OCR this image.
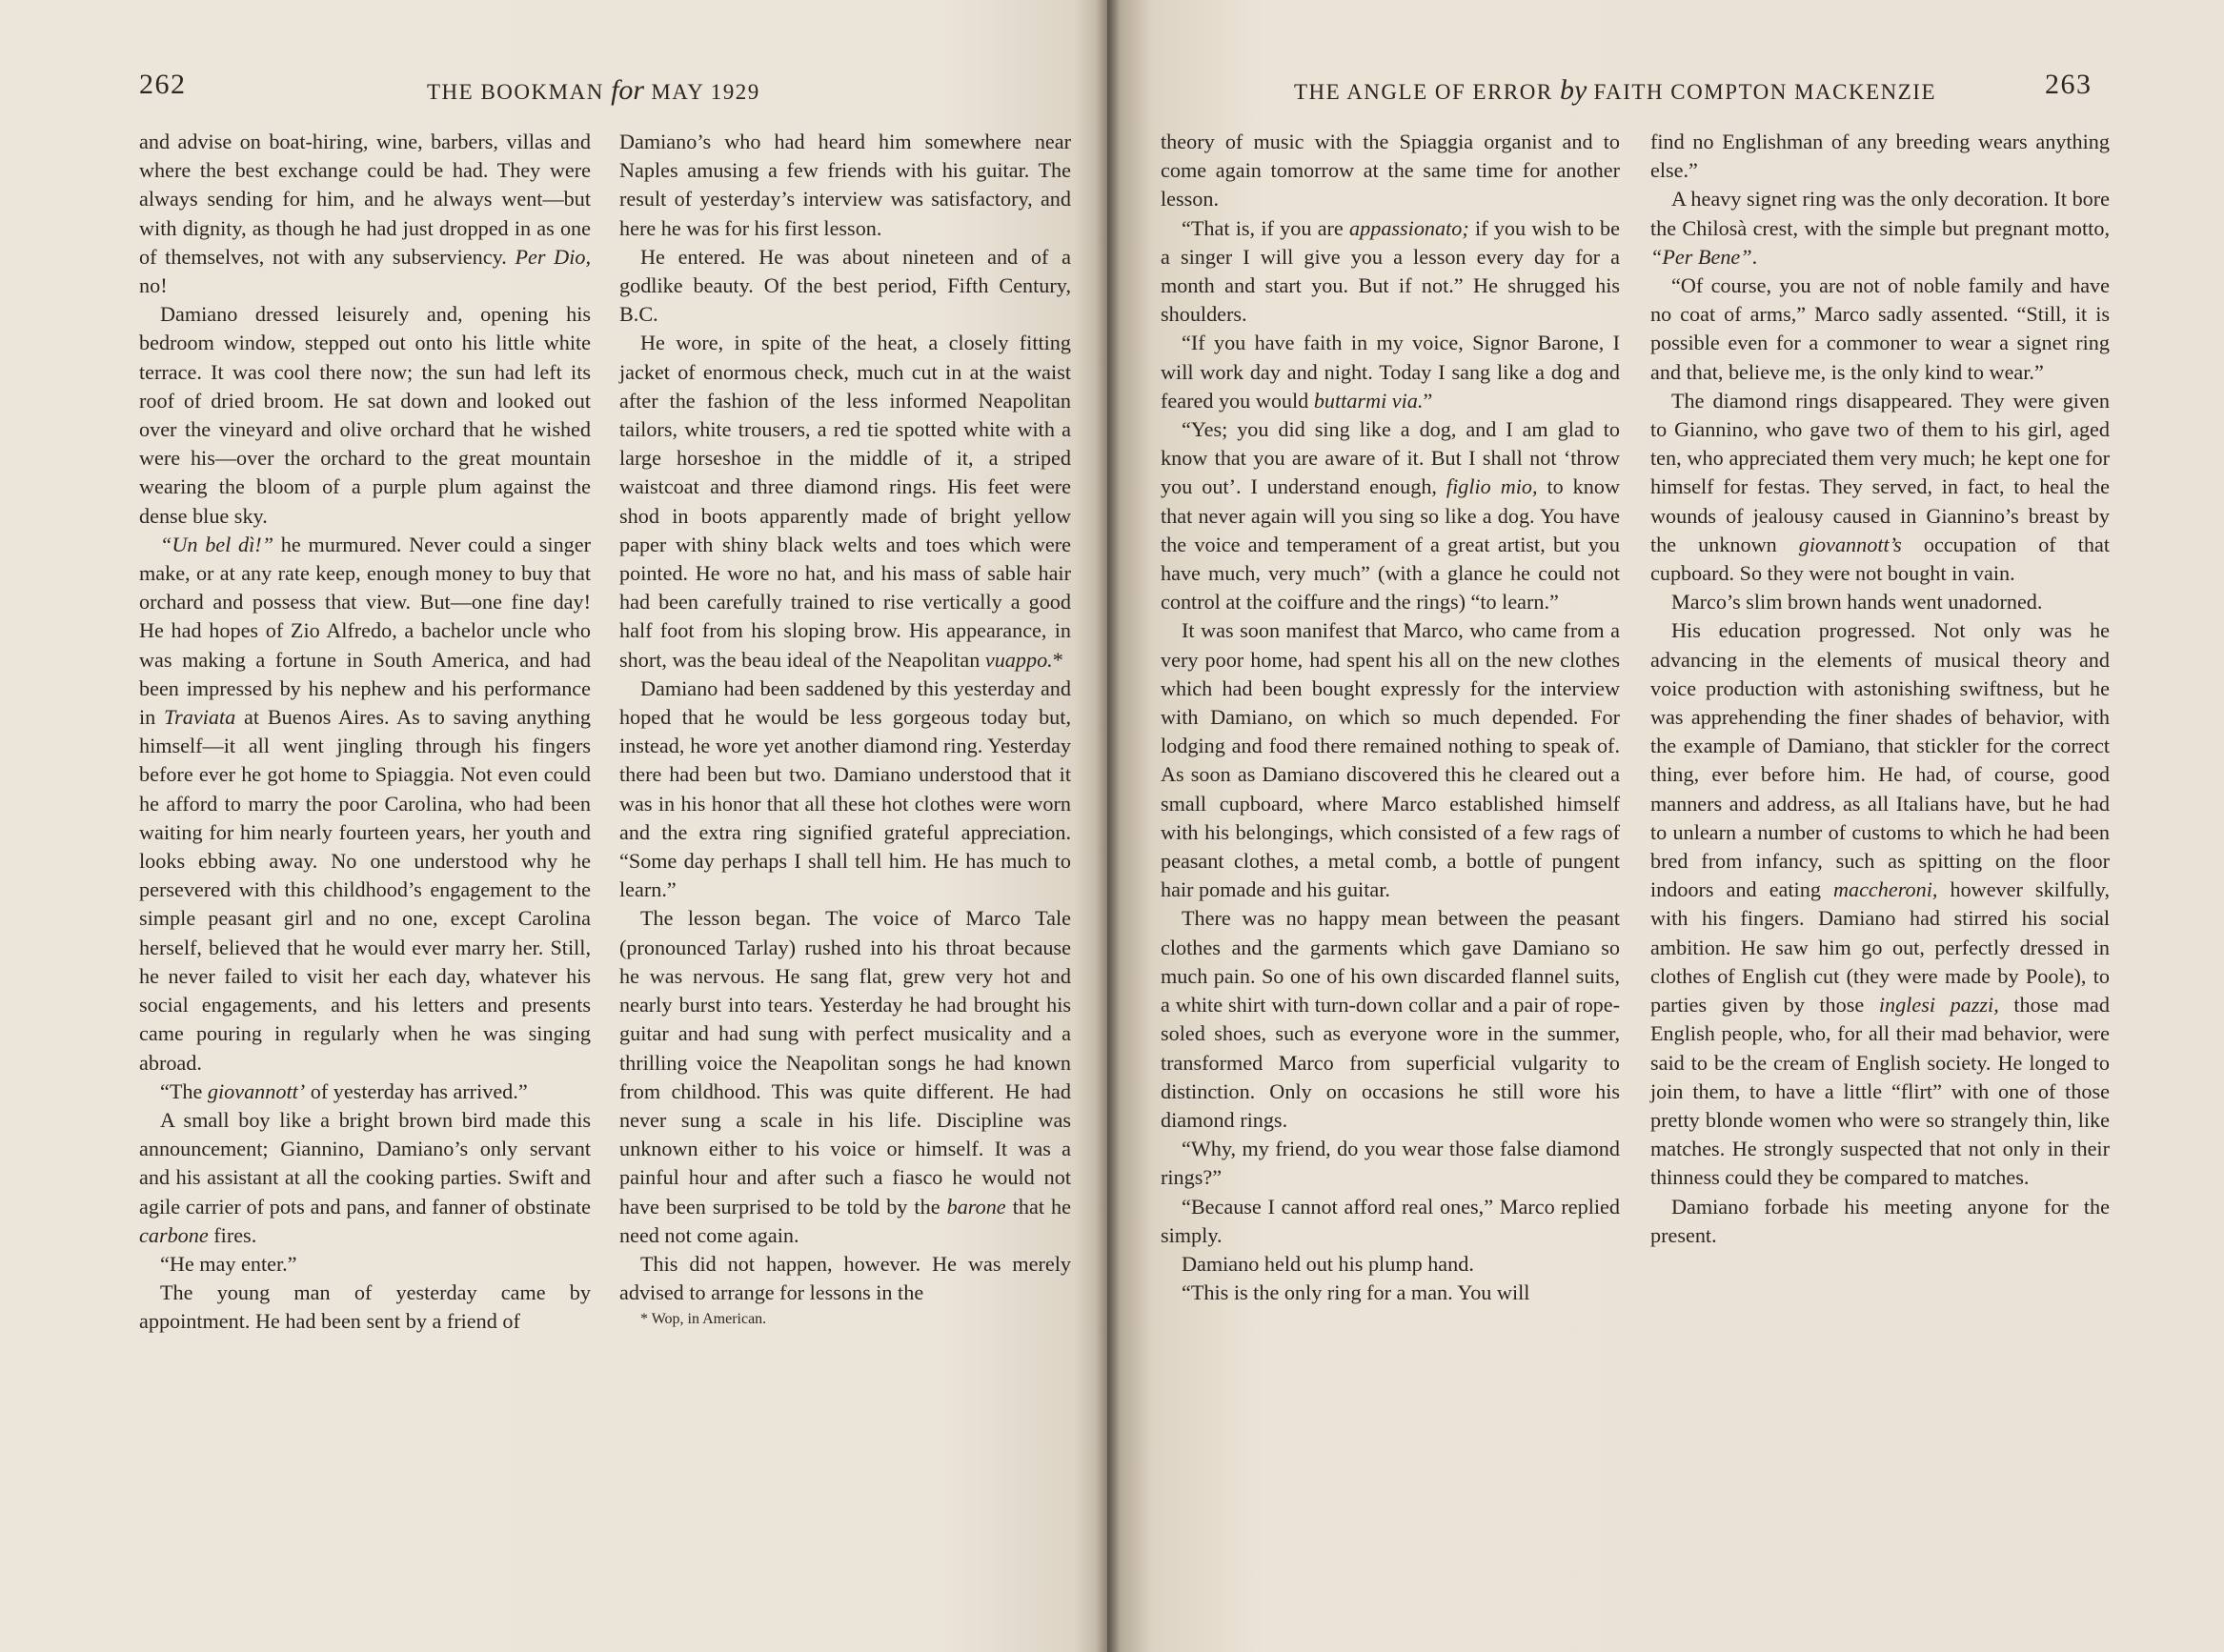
262	THE BOOKMAN for MAY 1929

and advise on boat-hiring, wine, barbers, villas and where the best exchange could be had. They were always sending for him, and he always went—but with dignity, as though he had just dropped in as one of themselves, not with any subserviency. Per Dio, no!

Damiano dressed leisurely and, opening his bedroom window, stepped out onto his little white terrace. It was cool there now; the sun had left its roof of dried broom. He sat down and looked out over the vineyard and olive orchard that he wished were his—over the orchard to the great mountain wearing the bloom of a purple plum against the dense blue sky.

“Un bel dì!” he murmured. Never could a singer make, or at any rate keep, enough money to buy that orchard and possess that view. But—one fine day! He had hopes of Zio Alfredo, a bachelor uncle who was making a fortune in South America, and had been impressed by his nephew and his performance in Traviata at Buenos Aires. As to saving anything himself—it all went jingling through his fingers before ever he got home to Spiaggia. Not even could he afford to marry the poor Carolina, who had been waiting for him nearly fourteen years, her youth and looks ebbing away. No one understood why he persevered with this childhood’s engagement to the simple peasant girl and no one, except Carolina herself, believed that he would ever marry her. Still, he never failed to visit her each day, whatever his social engagements, and his letters and presents came pouring in regularly when he was singing abroad.

“The giovannott’ of yesterday has arrived.”

A small boy like a bright brown bird made this announcement; Giannino, Damiano’s only servant and his assistant at all the cooking parties. Swift and agile carrier of pots and pans, and fanner of obstinate carbone fires.

“He may enter.”

The young man of yesterday came by appointment. He had been sent by a friend of

Damiano’s who had heard him somewhere near Naples amusing a few friends with his guitar. The result of yesterday’s interview was satisfactory, and here he was for his first lesson.

He entered. He was about nineteen and of a godlike beauty. Of the best period, Fifth Century, B.C.

He wore, in spite of the heat, a closely fitting jacket of enormous check, much cut in at the waist after the fashion of the less informed Neapolitan tailors, white trousers, a red tie spotted white with a large horseshoe in the middle of it, a striped waistcoat and three diamond rings. His feet were shod in boots apparently made of bright yellow paper with shiny black welts and toes which were pointed. He wore no hat, and his mass of sable hair had been carefully trained to rise vertically a good half foot from his sloping brow. His appearance, in short, was the beau ideal of the Neapolitan vuappo.*

Damiano had been saddened by this yesterday and hoped that he would be less gorgeous today but, instead, he wore yet another diamond ring. Yesterday there had been but two. Damiano understood that it was in his honor that all these hot clothes were worn and the extra ring signified grateful appreciation. “Some day perhaps I shall tell him. He has much to learn.”

The lesson began. The voice of Marco Tale (pronounced Tarlay) rushed into his throat because he was nervous. He sang flat, grew very hot and nearly burst into tears. Yesterday he had brought his guitar and had sung with perfect musicality and a thrilling voice the Neapolitan songs he had known from childhood. This was quite different. He had never sung a scale in his life. Discipline was unknown either to his voice or himself. It was a painful hour and after such a fiasco he would not have been surprised to be told by the barone that he need not come again.

This did not happen, however. He was merely advised to arrange for lessons in the

* Wop, in American.

THE ANGLE OF ERROR by FAITH COMPTON MACKENZIE	263

theory of music with the Spiaggia organist and to come again tomorrow at the same time for another lesson.

“That is, if you are appassionato; if you wish to be a singer I will give you a lesson every day for a month and start you. But if not.” He shrugged his shoulders.

“If you have faith in my voice, Signor Barone, I will work day and night. Today I sang like a dog and feared you would buttarmi via.”

“Yes; you did sing like a dog, and I am glad to know that you are aware of it. But I shall not ‘throw you out’. I understand enough, figlio mio, to know that never again will you sing so like a dog. You have the voice and temperament of a great artist, but you have much, very much” (with a glance he could not control at the coiffure and the rings) “to learn.”

It was soon manifest that Marco, who came from a very poor home, had spent his all on the new clothes which had been bought expressly for the interview with Damiano, on which so much depended. For lodging and food there remained nothing to speak of. As soon as Damiano discovered this he cleared out a small cupboard, where Marco established himself with his belongings, which consisted of a few rags of peasant clothes, a metal comb, a bottle of pungent hair pomade and his guitar.

There was no happy mean between the peasant clothes and the garments which gave Damiano so much pain. So one of his own discarded flannel suits, a white shirt with turn-down collar and a pair of rope-soled shoes, such as everyone wore in the summer, transformed Marco from superficial vulgarity to distinction. Only on occasions he still wore his diamond rings.

“Why, my friend, do you wear those false diamond rings?”

“Because I cannot afford real ones,” Marco replied simply.

Damiano held out his plump hand.

“This is the only ring for a man. You will

find no Englishman of any breeding wears anything else.”

A heavy signet ring was the only decoration. It bore the Chilosà crest, with the simple but pregnant motto, “Per Bene”.

“Of course, you are not of noble family and have no coat of arms,” Marco sadly assented. “Still, it is possible even for a commoner to wear a signet ring and that, believe me, is the only kind to wear.”

The diamond rings disappeared. They were given to Giannino, who gave two of them to his girl, aged ten, who appreciated them very much; he kept one for himself for festas. They served, in fact, to heal the wounds of jealousy caused in Giannino’s breast by the unknown giovannott’s occupation of that cupboard. So they were not bought in vain.

Marco’s slim brown hands went unadorned.

His education progressed. Not only was he advancing in the elements of musical theory and voice production with astonishing swiftness, but he was apprehending the finer shades of behavior, with the example of Damiano, that stickler for the correct thing, ever before him. He had, of course, good manners and address, as all Italians have, but he had to unlearn a number of customs to which he had been bred from infancy, such as spitting on the floor indoors and eating maccheroni, however skilfully, with his fingers. Damiano had stirred his social ambition. He saw him go out, perfectly dressed in clothes of English cut (they were made by Poole), to parties given by those inglesi pazzi, those mad English people, who, for all their mad behavior, were said to be the cream of English society. He longed to join them, to have a little “flirt” with one of those pretty blonde women who were so strangely thin, like matches. He strongly suspected that not only in their thinness could they be compared to matches.

Damiano forbade his meeting anyone for the present.
